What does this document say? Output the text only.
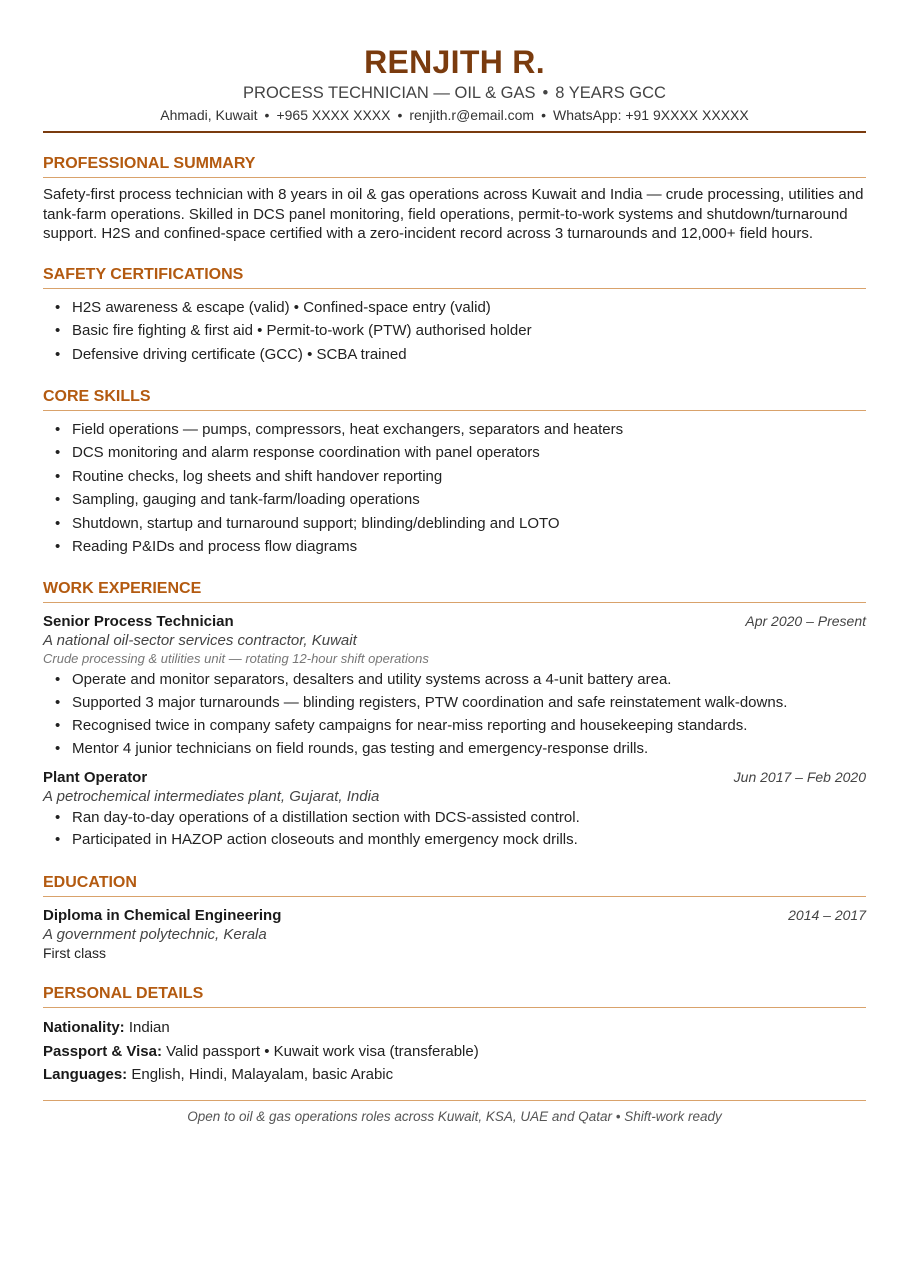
RENJITH R.
PROCESS TECHNICIAN — OIL & GAS • 8 YEARS GCC
Ahmadi, Kuwait • +965 XXXX XXXX • renjith.r@email.com • WhatsApp: +91 9XXXX XXXXX
PROFESSIONAL SUMMARY

Safety-first process technician with 8 years in oil & gas operations across Kuwait and India — crude processing, utilities and tank-farm operations. Skilled in DCS panel monitoring, field operations, permit-to-work systems and shutdown/turnaround support. H2S and confined-space certified with a zero-incident record across 3 turnarounds and 12,000+ field hours.

SAFETY CERTIFICATIONS
• H2S awareness & escape (valid) • Confined-space entry (valid)
• Basic fire fighting & first aid • Permit-to-work (PTW) authorised holder
• Defensive driving certificate (GCC) • SCBA trained
CORE SKILLS
• Field operations — pumps, compressors, heat exchangers, separators and heaters
• DCS monitoring and alarm response coordination with panel operators
• Routine checks, log sheets and shift handover reporting
• Sampling, gauging and tank-farm/loading operations
• Shutdown, startup and turnaround support; blinding/deblinding and LOTO
• Reading P&IDs and process flow diagrams
WORK EXPERIENCE
Senior Process Technician	Apr 2020 – Present
A national oil-sector services contractor, Kuwait
Crude processing & utilities unit — rotating 12-hour shift operations
• Operate and monitor separators, desalters and utility systems across a 4-unit battery area.
• Supported 3 major turnarounds — blinding registers, PTW coordination and safe reinstatement walk-downs.
• Recognised twice in company safety campaigns for near-miss reporting and housekeeping standards.
• Mentor 4 junior technicians on field rounds, gas testing and emergency-response drills.
Plant Operator	Jun 2017 – Feb 2020
A petrochemical intermediates plant, Gujarat, India
• Ran day-to-day operations of a distillation section with DCS-assisted control.
• Participated in HAZOP action closeouts and monthly emergency mock drills.
EDUCATION
Diploma in Chemical Engineering	2014 – 2017
A government polytechnic, Kerala
First class
PERSONAL DETAILS
Nationality: Indian
Passport & Visa: Valid passport • Kuwait work visa (transferable)
Languages: English, Hindi, Malayalam, basic Arabic
Open to oil & gas operations roles across Kuwait, KSA, UAE and Qatar • Shift-work ready
